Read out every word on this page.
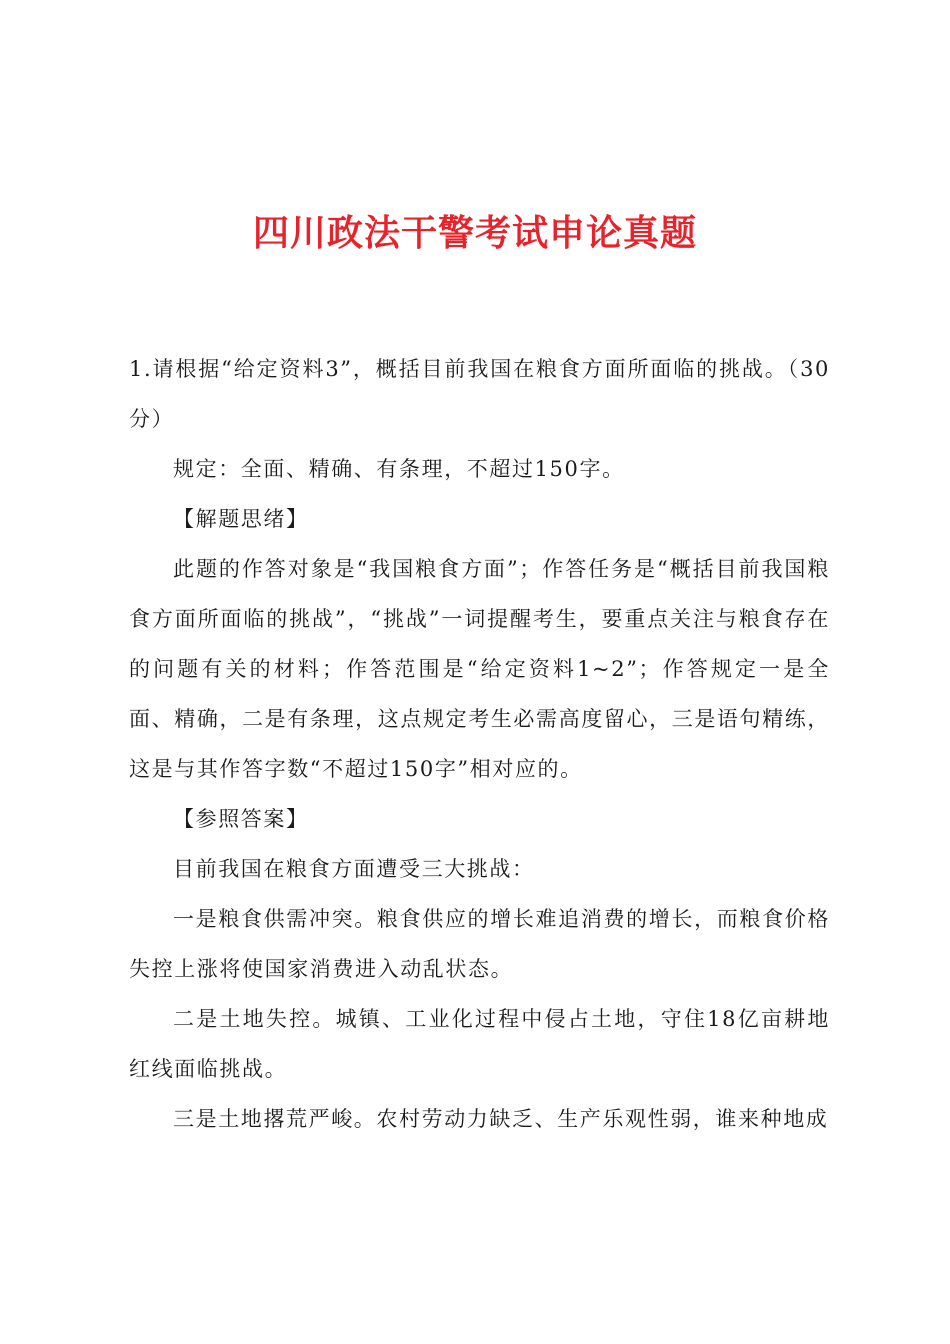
四川政法干警考试申论真题

1.请根据“给定资料3”，概括目前我国在粮食方面所面临的挑战。（30分）

规定：全面、精确、有条理，不超过150字。

【解题思绪】

此题的作答对象是“我国粮食方面”；作答任务是“概括目前我国粮食方面所面临的挑战”，“挑战”一词提醒考生，要重点关注与粮食存在的问题有关的材料；作答范围是“给定资料1~2”；作答规定一是全面、精确，二是有条理，这点规定考生必需高度留心，三是语句精练，这是与其作答字数“不超过150字”相对应的。

【参照答案】

目前我国在粮食方面遭受三大挑战：

一是粮食供需冲突。粮食供应的增长难追消费的增长，而粮食价格失控上涨将使国家消费进入动乱状态。

二是土地失控。城镇、工业化过程中侵占土地，守住18亿亩耕地红线面临挑战。

三是土地撂荒严峻。农村劳动力缺乏、生产乐观性弱，谁来种地成
